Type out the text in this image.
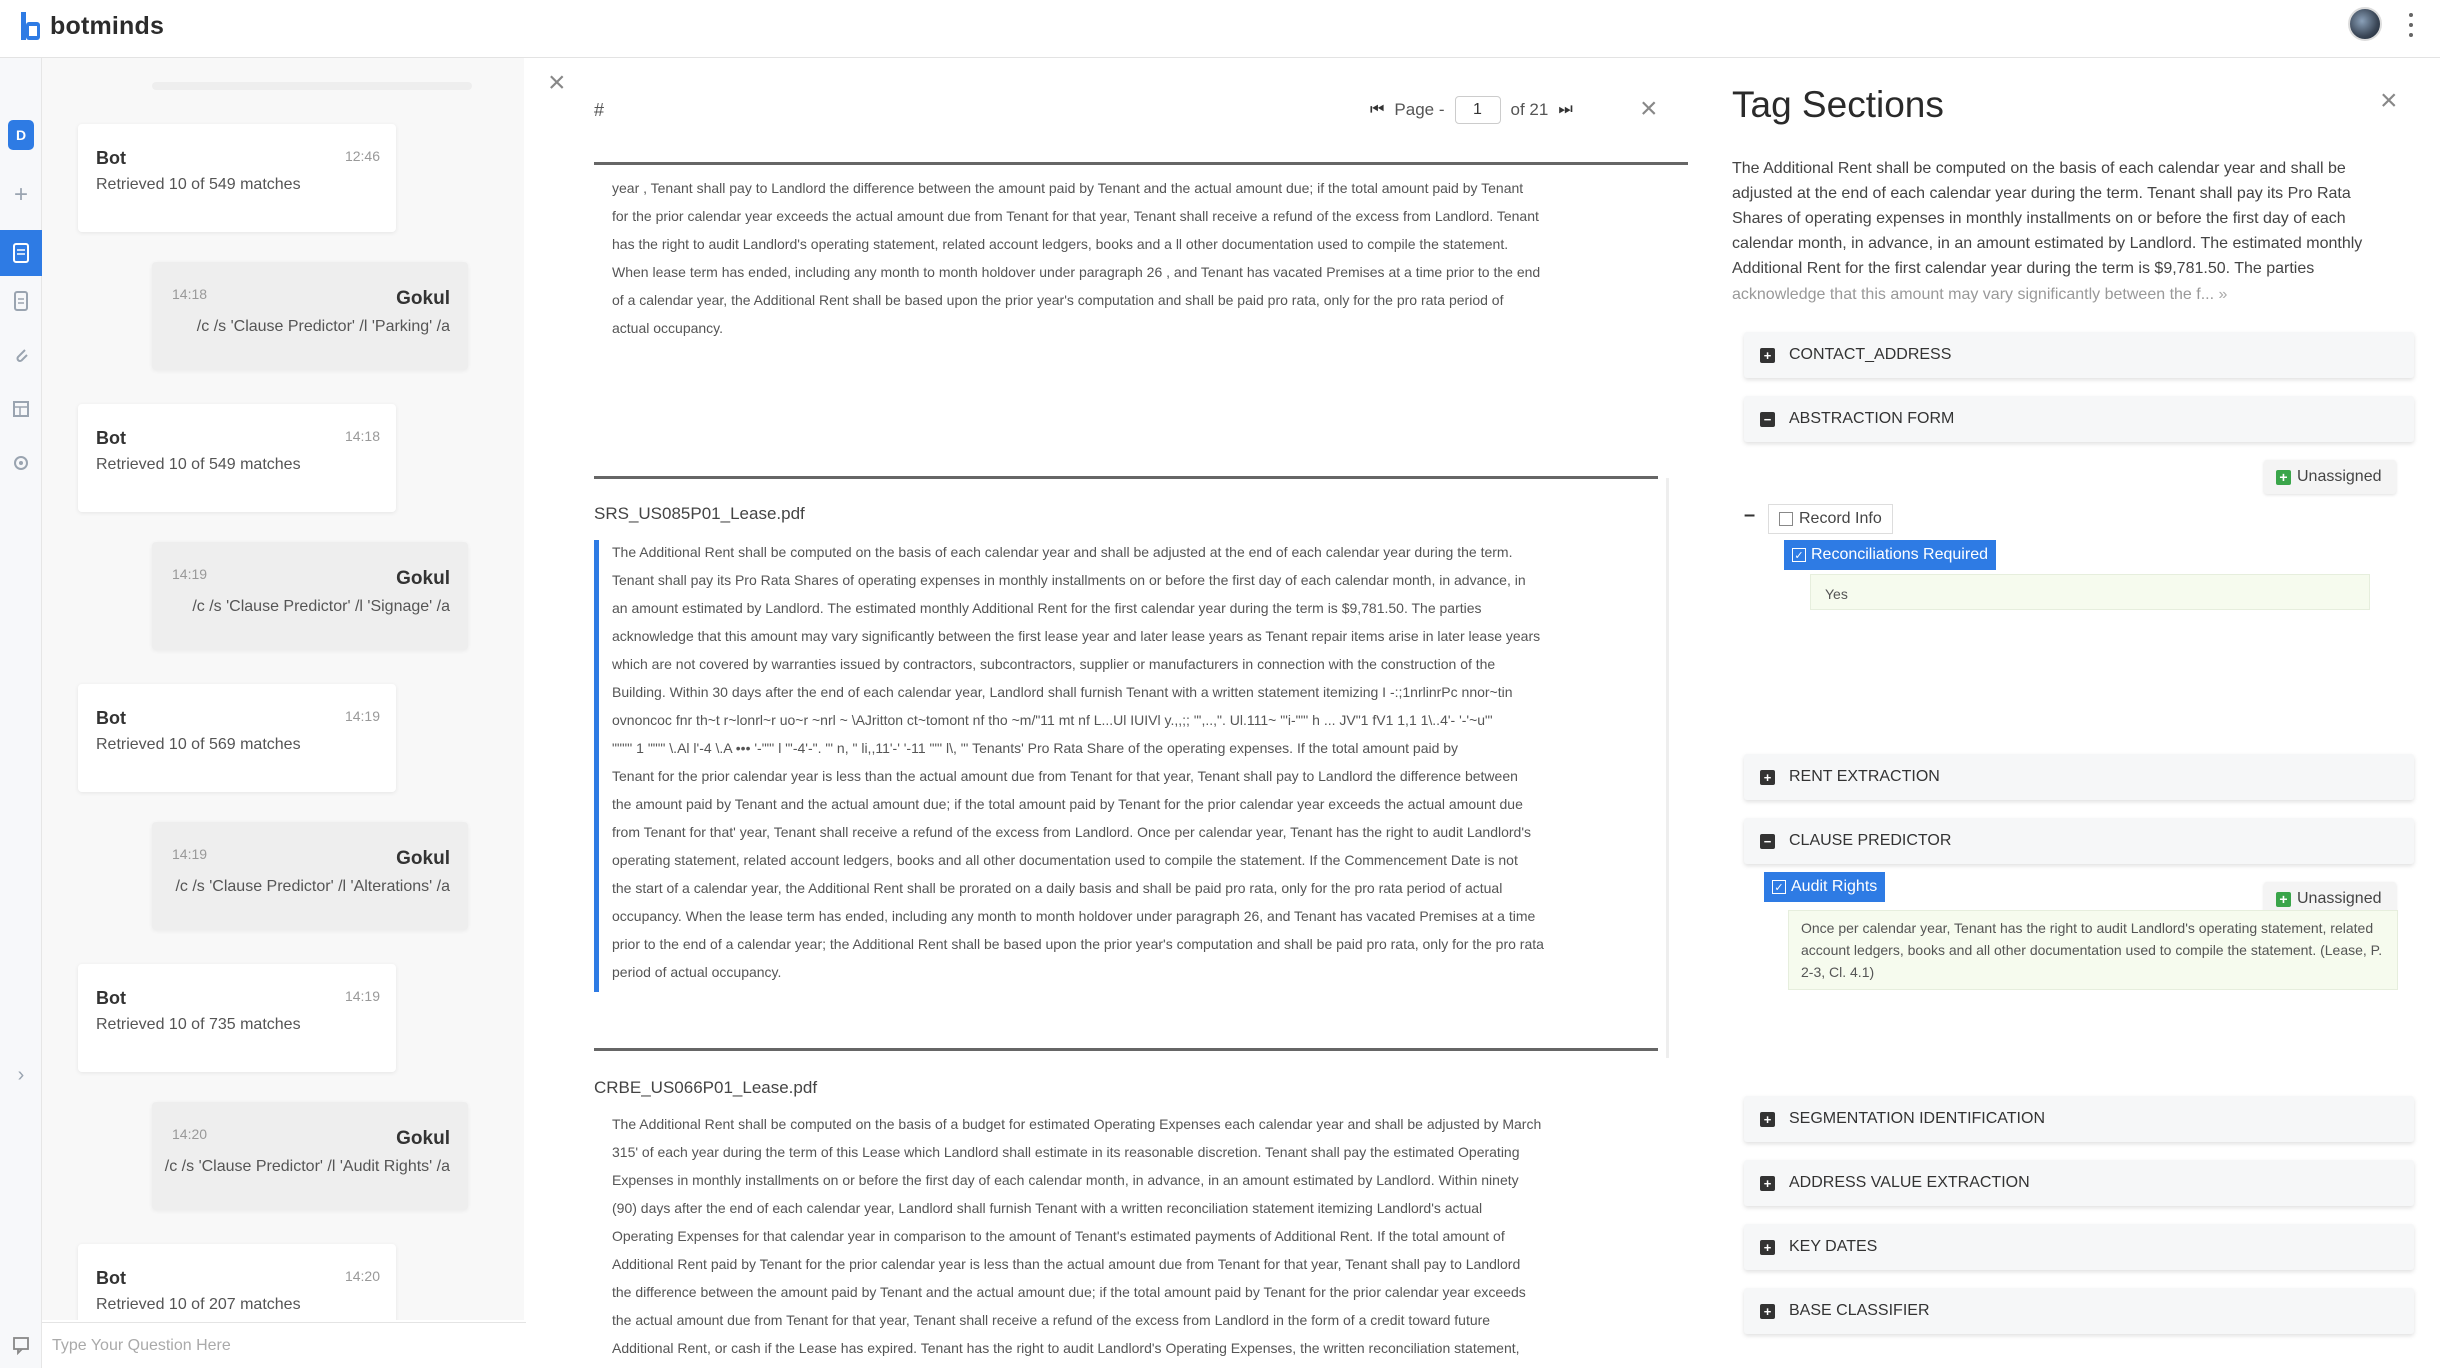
botminds
D
+
›
Bot	12:46
Retrieved 10 of 549 matches
14:18	Gokul
/c /s 'Clause Predictor' /l 'Parking' /a
Bot	14:18
Retrieved 10 of 549 matches
14:19	Gokul
/c /s 'Clause Predictor' /l 'Signage' /a
Bot	14:19
Retrieved 10 of 569 matches
14:19	Gokul
/c /s 'Clause Predictor' /l 'Alterations' /a
Bot	14:19
Retrieved 10 of 735 matches
14:20	Gokul
/c /s 'Clause Predictor' /l 'Audit Rights' /a
Bot	14:20
Retrieved 10 of 207 matches
Type Your Question Here
×
#	⏮ Page -
1	of 21 ⏭ ×
year , Tenant shall pay to Landlord the difference between the amount paid by Tenant and the actual amount due; if the total amount paid by Tenant
for the prior calendar year exceeds the actual amount due from Tenant for that year, Tenant shall receive a refund of the excess from Landlord. Tenant
has the right to audit Landlord's operating statement, related account ledgers, books and a ll other documentation used to compile the statement.
When lease term has ended, including any month to month holdover under paragraph 26 , and Tenant has vacated Premises at a time prior to the end
of a calendar year, the Additional Rent shall be based upon the prior year's computation and shall be paid pro rata, only for the pro rata period of
actual occupancy.
SRS_US085P01_Lease.pdf
The Additional Rent shall be computed on the basis of each calendar year and shall be adjusted at the end of each calendar year during the term.
Tenant shall pay its Pro Rata Shares of operating expenses in monthly installments on or before the first day of each calendar month, in advance, in
an amount estimated by Landlord. The estimated monthly Additional Rent for the first calendar year during the term is $9,781.50. The parties
acknowledge that this amount may vary significantly between the first lease year and later lease years as Tenant repair items arise in later lease years
which are not covered by warranties issued by contractors, subcontractors, supplier or manufacturers in connection with the construction of the
Building. Within 30 days after the end of each calendar year, Landlord shall furnish Tenant with a written statement itemizing I -:;1nrlinrPc nnor~tin
ovnoncoc fnr th~t r~lonrl~r uo~r ~nrl ~ \AJritton ct~tomont nf tho ~m/"11 mt nf L...Ul IUIVl y.,,;; "',..,". Ul.111~ "'i-""' h ... JV"1 fV1 1,1 1\..4'- '-'~u"'
""'"' 1 ""'" \.Al l'-4 \.A ••• '-""' l "'-4'-". "' n, " li,,11'-' '-11 ""' l\, "' Tenants' Pro Rata Share of the operating expenses. If the total amount paid by
Tenant for the prior calendar year is less than the actual amount due from Tenant for that year, Tenant shall pay to Landlord the difference between
the amount paid by Tenant and the actual amount due; if the total amount paid by Tenant for the prior calendar year exceeds the actual amount due
from Tenant for that' year, Tenant shall receive a refund of the excess from Landlord. Once per calendar year, Tenant has the right to audit Landlord's
operating statement, related account ledgers, books and all other documentation used to compile the statement. If the Commencement Date is not
the start of a calendar year, the Additional Rent shall be prorated on a daily basis and shall be paid pro rata, only for the pro rata period of actual
occupancy. When the lease term has ended, including any month to month holdover under paragraph 26, and Tenant has vacated Premises at a time
prior to the end of a calendar year; the Additional Rent shall be based upon the prior year's computation and shall be paid pro rata, only for the pro rata
period of actual occupancy.
CRBE_US066P01_Lease.pdf
The Additional Rent shall be computed on the basis of a budget for estimated Operating Expenses each calendar year and shall be adjusted by March
315' of each year during the term of this Lease which Landlord shall estimate in its reasonable discretion. Tenant shall pay the estimated Operating
Expenses in monthly installments on or before the first day of each calendar month, in advance, in an amount estimated by Landlord. Within ninety
(90) days after the end of each calendar year, Landlord shall furnish Tenant with a written reconciliation statement itemizing Landlord's actual
Operating Expenses for that calendar year in comparison to the amount of Tenant's estimated payments of Additional Rent. If the total amount of
Additional Rent paid by Tenant for the prior calendar year is less than the actual amount due from Tenant for that year, Tenant shall pay to Landlord
the difference between the amount paid by Tenant and the actual amount due; if the total amount paid by Tenant for the prior calendar year exceeds
the actual amount due from Tenant for that year, Tenant shall receive a refund of the excess from Landlord in the form of a credit toward future
Additional Rent, or cash if the Lease has expired. Tenant has the right to audit Landlord's Operating Expenses, the written reconciliation statement,
Tag Sections	×
The Additional Rent shall be computed on the basis of each calendar year and shall be adjusted at the end of each calendar year during the term. Tenant shall pay its Pro Rata Shares of operating expenses in monthly installments on or before the first day of each calendar month, in advance, in an amount estimated by Landlord. The estimated monthly Additional Rent for the first calendar year during the term is $9,781.50. The parties
acknowledge that this amount may vary significantly between the f... »
+ CONTACT_ADDRESS
− ABSTRACTION FORM
+ Unassigned
–	Record Info
✓ Reconciliations Required
Yes
+ RENT EXTRACTION
− CLAUSE PREDICTOR
+ Unassigned
✓ Audit Rights
Once per calendar year, Tenant has the right to audit Landlord's operating statement, related account ledgers, books and all other documentation used to compile the statement. (Lease, P. 2-3, Cl. 4.1)
+ SEGMENTATION IDENTIFICATION
+ ADDRESS VALUE EXTRACTION
+ KEY DATES
+ BASE CLASSIFIER
